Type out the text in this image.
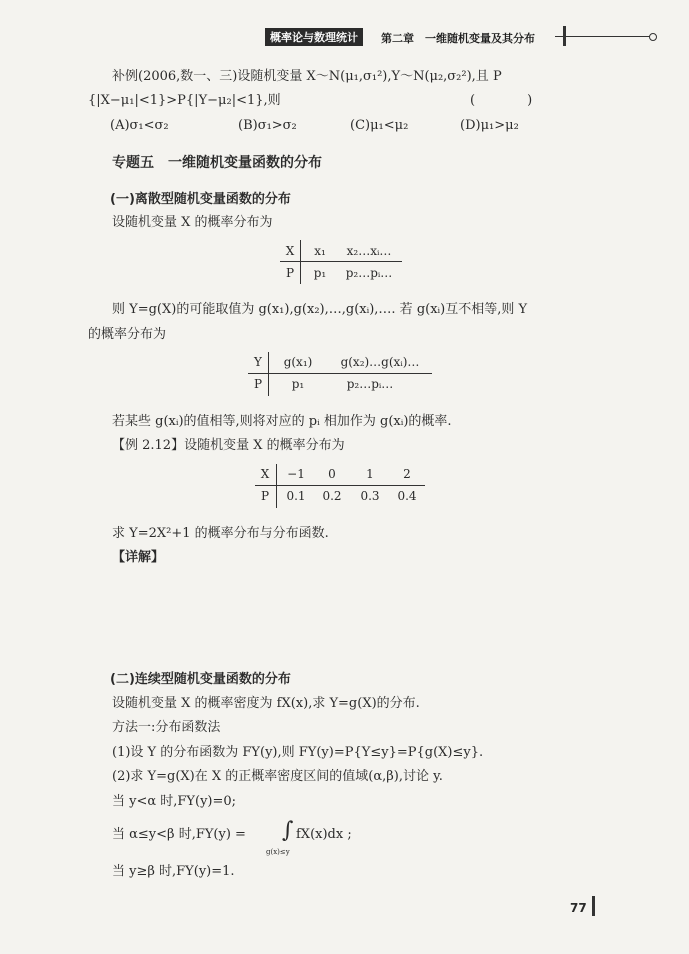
概率论与数理统计	第二章　一维随机变量及其分布
补例(2006,数一、三)设随机变量 X～N(μ₁,σ₁²),Y～N(μ₂,σ₂²),且 P
{|X−μ₁|<1}>P{|Y−μ₂|<1},则	(　　　　)
(A)σ₁<σ₂	(B)σ₁>σ₂	(C)μ₁<μ₂	(D)μ₁>μ₂
专题五　一维随机变量函数的分布
(一)离散型随机变量函数的分布
设随机变量 X 的概率分布为
X	x₁	x₂…xᵢ…
P	p₁	p₂…pᵢ…
则 Y=g(X)的可能取值为 g(x₁),g(x₂),…,g(xᵢ),…. 若 g(xᵢ)互不相等,则 Y
的概率分布为
Y	g(x₁)	g(x₂)…g(xᵢ)…
P	p₁	p₂…pᵢ…
若某些 g(xᵢ)的值相等,则将对应的 pᵢ 相加作为 g(xᵢ)的概率.
【例 2.12】设随机变量 X 的概率分布为
X	−1	0	1	2
P	0.1	0.2	0.3	0.4
求 Y=2X²+1 的概率分布与分布函数.
【详解】
(二)连续型随机变量函数的分布
设随机变量 X 的概率密度为 fX(x),求 Y=g(X)的分布.
方法一:分布函数法
(1)设 Y 的分布函数为 FY(y),则 FY(y)=P{Y≤y}=P{g(X)≤y}.
(2)求 Y=g(X)在 X 的正概率密度区间的值域(α,β),讨论 y.
当 y<α 时,FY(y)=0;
当 α≤y<β 时,FY(y) = ∫ fX(x)dx ;
g(x)≤y
当 y≥β 时,FY(y)=1.
77
